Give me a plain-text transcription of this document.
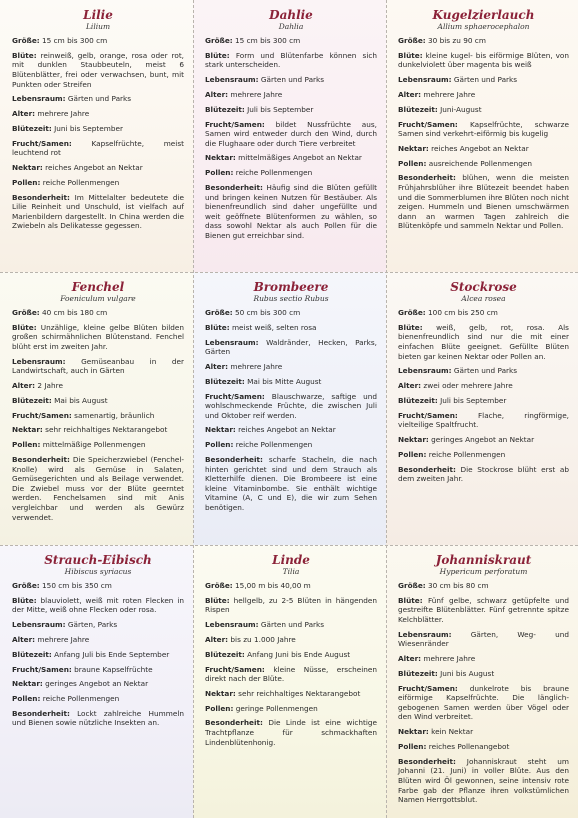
Lilie

Lilium

Größe: 15 cm bis 300 cm

Blüte: reinweiß, gelb, orange, rosa oder rot, mit dunklen Staubbeuteln, meist 6 Blütenblätter, frei oder verwachsen, bunt, mit Punkten oder Streifen

Lebensraum: Gärten und Parks

Alter: mehrere Jahre

Blütezeit: Juni bis September

Frucht/Samen: Kapselfrüchte, meist leuchtend rot

Nektar: reiches Angebot an Nektar

Pollen: reiche Pollenmengen

Besonderheit: Im Mittelalter bedeutete die Lilie Reinheit und Unschuld, ist vielfach auf Marienbildern dargestellt. In China werden die Zwiebeln als Delikatesse gegessen.

Dahlie

Dahlia

Größe: 15 cm bis 300 cm

Blüte: Form und Blütenfarbe können sich stark unterscheiden.

Lebensraum: Gärten und Parks

Alter: mehrere Jahre

Blütezeit: Juli bis September

Frucht/Samen: bildet Nussfrüchte aus, Samen wird entweder durch den Wind, durch die Flughaare oder durch Tiere verbreitet

Nektar: mittelmäßiges Angebot an Nektar

Pollen: reiche Pollenmengen

Besonderheit: Häufig sind die Blüten gefüllt und bringen keinen Nutzen für Bestäuber. Als bienenfreundlich sind daher ungefüllte und weit geöffnete Blütenformen zu wählen, so dass sowohl Nektar als auch Pollen für die Bienen gut erreichbar sind.

Kugelzierlauch

Allium sphaerocephalon

Größe: 30 bis zu 90 cm

Blüte: kleine kugel- bis eiförmige Blüten, von dunkelviolett über magenta bis weiß

Lebensraum: Gärten und Parks

Alter: mehrere Jahre

Blütezeit: Juni-August

Frucht/Samen: Kapselfrüchte, schwarze Samen sind verkehrt-eiförmig bis kugelig

Nektar: reiches Angebot an Nektar

Pollen: ausreichende Pollenmengen

Besonderheit: blühen, wenn die meisten Frühjahrsblüher ihre Blütezeit beendet haben und die Sommerblumen ihre Blüten noch nicht zeigen. Hummeln und Bienen umschwärmen dann an warmen Tagen zahlreich die Blütenköpfe und sammeln Nektar und Pollen.

Fenchel

Foeniculum vulgare

Größe: 40 cm bis 180 cm

Blüte: Unzählige, kleine gelbe Blüten bilden großen schirmähnlichen Blütenstand. Fenchel blüht erst im zweiten Jahr.

Lebensraum: Gemüseanbau in der Landwirtschaft, auch in Gärten

Alter: 2 Jahre

Blütezeit: Mai bis August

Frucht/Samen: samenartig, bräunlich

Nektar: sehr reichhaltiges Nektarangebot

Pollen: mittelmäßige Pollenmengen

Besonderheit: Die Speicherzwiebel (Fenchel-Knolle) wird als Gemüse in Salaten, Gemüsegerichten und als Beilage verwendet. Die Zwiebel muss vor der Blüte geerntet werden. Fenchelsamen sind mit Anis vergleichbar und werden als Gewürz verwendet.

Brombeere

Rubus sectio Rubus

Größe: 50 cm bis 300 cm

Blüte: meist weiß, selten rosa

Lebensraum: Waldränder, Hecken, Parks, Gärten

Alter: mehrere Jahre

Blütezeit: Mai bis Mitte August

Frucht/Samen: Blauschwarze, saftige und wohlschmeckende Früchte, die zwischen Juli und Oktober reif werden.

Nektar: reiches Angebot an Nektar

Pollen: reiche Pollenmengen

Besonderheit: scharfe Stacheln, die nach hinten gerichtet sind und dem Strauch als Kletterhilfe dienen. Die Brombeere ist eine kleine Vitaminbombe. Sie enthält wichtige Vitamine (A, C und E), die wir zum Sehen benötigen.

Stockrose

Alcea rosea

Größe: 100 cm bis 250 cm

Blüte: weiß, gelb, rot, rosa. Als bienenfreundlich sind nur die mit einer einfachen Blüte geeignet. Gefüllte Blüten bieten gar keinen Nektar oder Pollen an.

Lebensraum: Gärten und Parks

Alter: zwei oder mehrere Jahre

Blütezeit: Juli bis September

Frucht/Samen: Flache, ringförmige, vielteilige Spaltfrucht.

Nektar: geringes Angebot an Nektar

Pollen: reiche Pollenmengen

Besonderheit: Die Stockrose blüht erst ab dem zweiten Jahr.

Strauch-Eibisch

Hibiscus syriacus

Größe: 150 cm bis 350 cm

Blüte: blauviolett, weiß mit roten Flecken in der Mitte, weiß ohne Flecken oder rosa.

Lebensraum: Gärten, Parks

Alter: mehrere Jahre

Blütezeit: Anfang Juli bis Ende September

Frucht/Samen: braune Kapselfrüchte

Nektar: geringes Angebot an Nektar

Pollen: reiche Pollenmengen

Besonderheit: Lockt zahlreiche Hummeln und Bienen sowie nützliche Insekten an.

Linde

Tilia

Größe: 15,00 m bis 40,00 m

Blüte: hellgelb, zu 2-5 Blüten in hängenden Rispen

Lebensraum: Gärten und Parks

Alter: bis zu 1.000 Jahre

Blütezeit: Anfang Juni bis Ende August

Frucht/Samen: kleine Nüsse, erscheinen direkt nach der Blüte.

Nektar: sehr reichhaltiges Nektarangebot

Pollen: geringe Pollenmengen

Besonderheit: Die Linde ist eine wichtige Trachtpflanze für schmackhaften Lindenblütenhonig.

Johanniskraut

Hypericum perforatum

Größe: 30 cm bis 80 cm

Blüte: Fünf gelbe, schwarz getüpfelte und gestreifte Blütenblätter. Fünf getrennte spitze Kelchblätter.

Lebensraum: Gärten, Weg- und Wiesenränder

Alter: mehrere Jahre

Blütezeit: Juni bis August

Frucht/Samen: dunkelrote bis braune eiförmige Kapselfrüchte. Die länglich-gebogenen Samen werden über Vögel oder den Wind verbreitet.

Nektar: kein Nektar

Pollen: reiches Pollenangebot

Besonderheit: Johanniskraut steht um Johanni (21. Juni) in voller Blüte. Aus den Blüten wird Öl gewonnen, seine intensiv rote Farbe gab der Pflanze ihren volkstümlichen Namen Herrgottsblut.
